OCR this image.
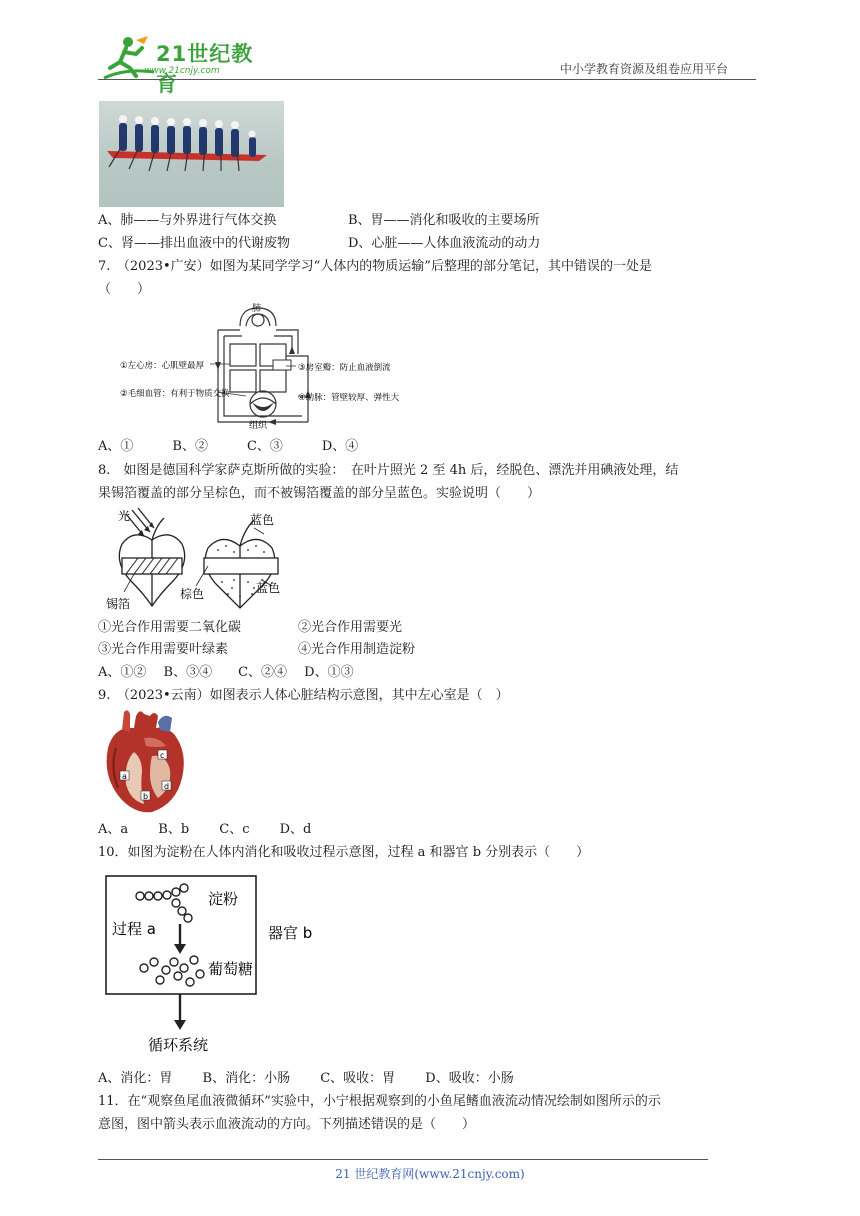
21世纪教育
www.21cnjy.com	中小学教育资源及组卷应用平台
A、肺——与外界进行气体交换	B、胃——消化和吸收的主要场所
C、肾——排出血液中的代谢废物	D、心脏——人体血液流动的动力
7.　（2023•广安）如图为某同学学习“人体内的物质运输”后整理的部分笔记，其中错误的一处是
（　　）
肺
组织
①左心房：心肌壁最厚
②毛细血管：有利于物质交换
③房室瓣：防止血液倒流
④动脉：管壁较厚、弹性大
A、①　　　B、②　　　C、③　　　D、④
8.　如图是德国科学家萨克斯所做的实验：　在叶片照光 2 至 4h 后，经脱色、漂洗并用碘液处理，结
果锡箔覆盖的部分呈棕色，而不被锡箔覆盖的部分呈蓝色。实验说明（　　）
光
锡箔
棕色
蓝色
蓝色
①光合作用需要二氧化碳	②光合作用需要光
③光合作用需要叶绿素	④光合作用制造淀粉
A、①②　 B、③④　　C、②④　 D、①③
9.　（2023•云南）如图表示人体心脏结构示意图，其中左心室是（　）
a
b
c
d
A、a　　 B、b　　 C、c　　 D、d
10．如图为淀粉在人体内消化和吸收过程示意图，过程 a 和器官 b 分别表示（　　）
淀粉
过程 a
葡萄糖
器官 b
循环系统
A、消化：胃　　 B、消化：小肠　　 C、吸收：胃　　 D、吸收：小肠
11．在“观察鱼尾血液微循环”实验中，小宁根据观察到的小鱼尾鳍血液流动情况绘制如图所示的示
意图，图中箭头表示血液流动的方向。下列描述错误的是（　　）
21 世纪教育网(www.21cnjy.com)
